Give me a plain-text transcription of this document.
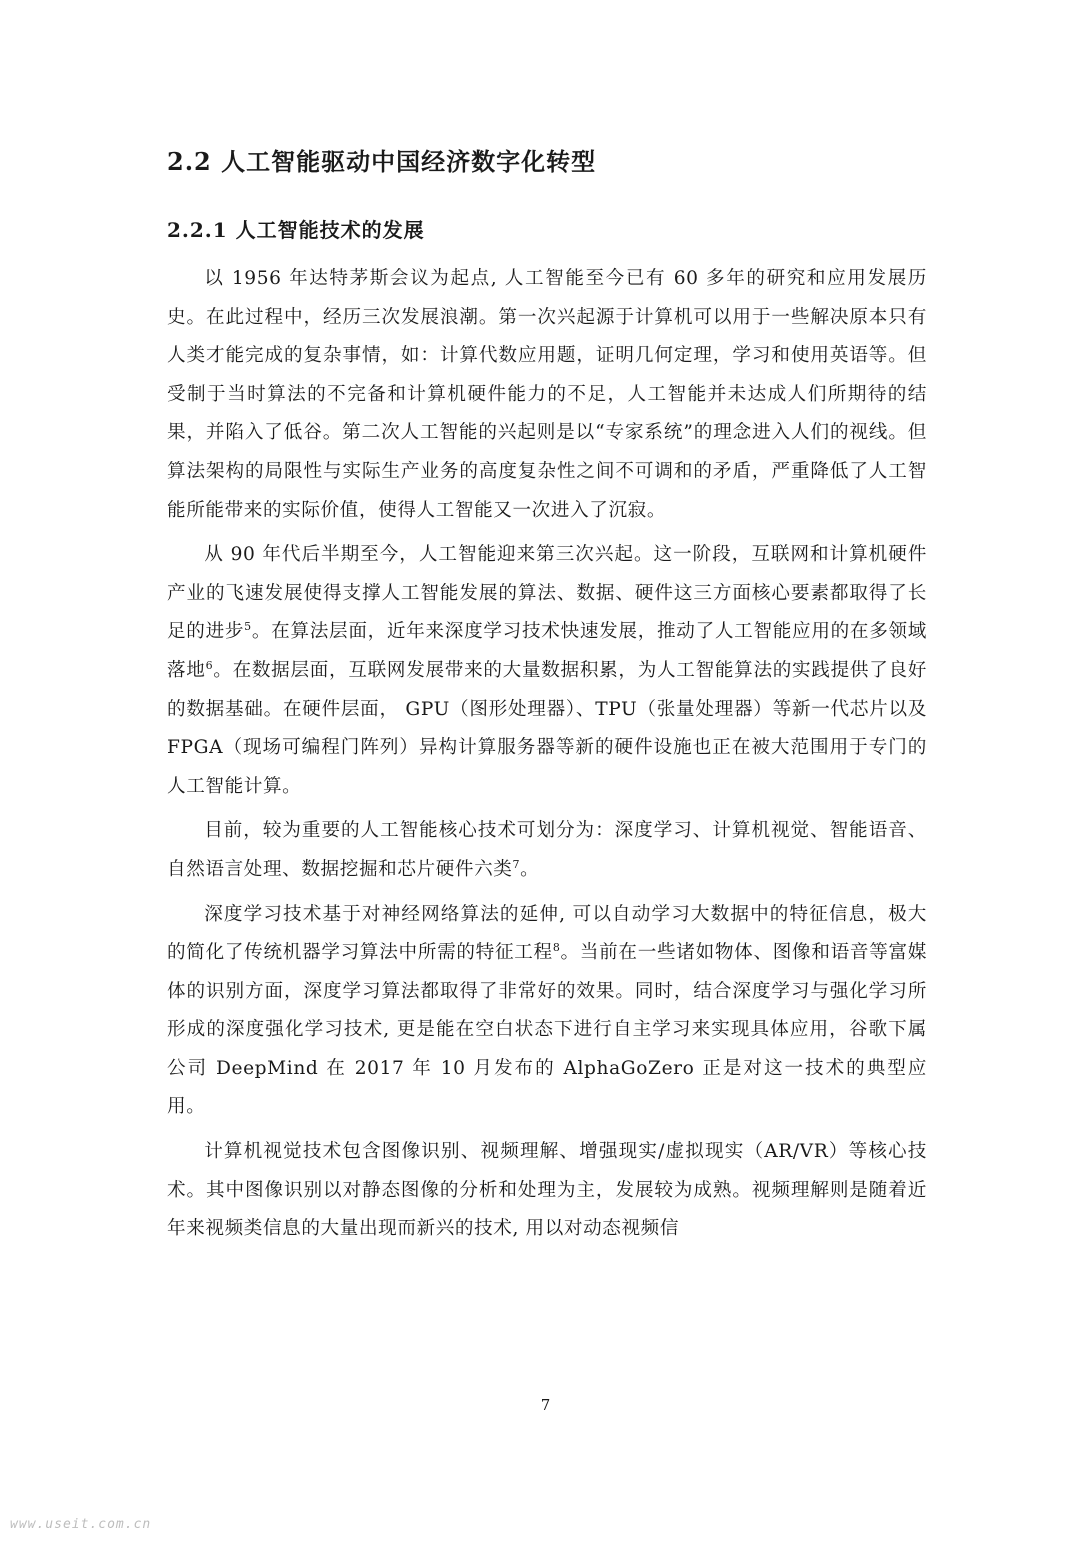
2.2 人工智能驱动中国经济数字化转型
2.2.1 人工智能技术的发展

以 1956 年达特茅斯会议为起点, 人工智能至今已有 60 多年的研究和应用发展历史。在此过程中，经历三次发展浪潮。第一次兴起源于计算机可以用于一些解决原本只有人类才能完成的复杂事情，如：计算代数应用题，证明几何定理，学习和使用英语等。但受制于当时算法的不完备和计算机硬件能力的不足，人工智能并未达成人们所期待的结果，并陷入了低谷。第二次人工智能的兴起则是以“专家系统”的理念进入人们的视线。但算法架构的局限性与实际生产业务的高度复杂性之间不可调和的矛盾，严重降低了人工智能所能带来的实际价值，使得人工智能又一次进入了沉寂。

从 90 年代后半期至今，人工智能迎来第三次兴起。这一阶段，互联网和计算机硬件产业的飞速发展使得支撑人工智能发展的算法、数据、硬件这三方面核心要素都取得了长足的进步$^5$。在算法层面，近年来深度学习技术快速发展，推动了人工智能应用的在多领域落地$^6$。在数据层面，互联网发展带来的大量数据积累，为人工智能算法的实践提供了良好的数据基础。在硬件层面， GPU（图形处理器）、TPU（张量处理器）等新一代芯片以及 FPGA（现场可编程门阵列）异构计算服务器等新的硬件设施也正在被大范围用于专门的人工智能计算。

目前，较为重要的人工智能核心技术可划分为：深度学习、计算机视觉、智能语音、自然语言处理、数据挖掘和芯片硬件六类$^7$。

深度学习技术基于对神经网络算法的延伸, 可以自动学习大数据中的特征信息，极大的简化了传统机器学习算法中所需的特征工程$^8$。当前在一些诸如物体、图像和语音等富媒体的识别方面，深度学习算法都取得了非常好的效果。同时，结合深度学习与强化学习所形成的深度强化学习技术, 更是能在空白状态下进行自主学习来实现具体应用，谷歌下属公司 DeepMind 在 2017 年 10 月发布的 AlphaGoZero 正是对这一技术的典型应用。

计算机视觉技术包含图像识别、视频理解、增强现实/虚拟现实（AR/VR）等核心技术。其中图像识别以对静态图像的分析和处理为主，发展较为成熟。视频理解则是随着近年来视频类信息的大量出现而新兴的技术, 用以对动态视频信

7
www.useit.com.cn
